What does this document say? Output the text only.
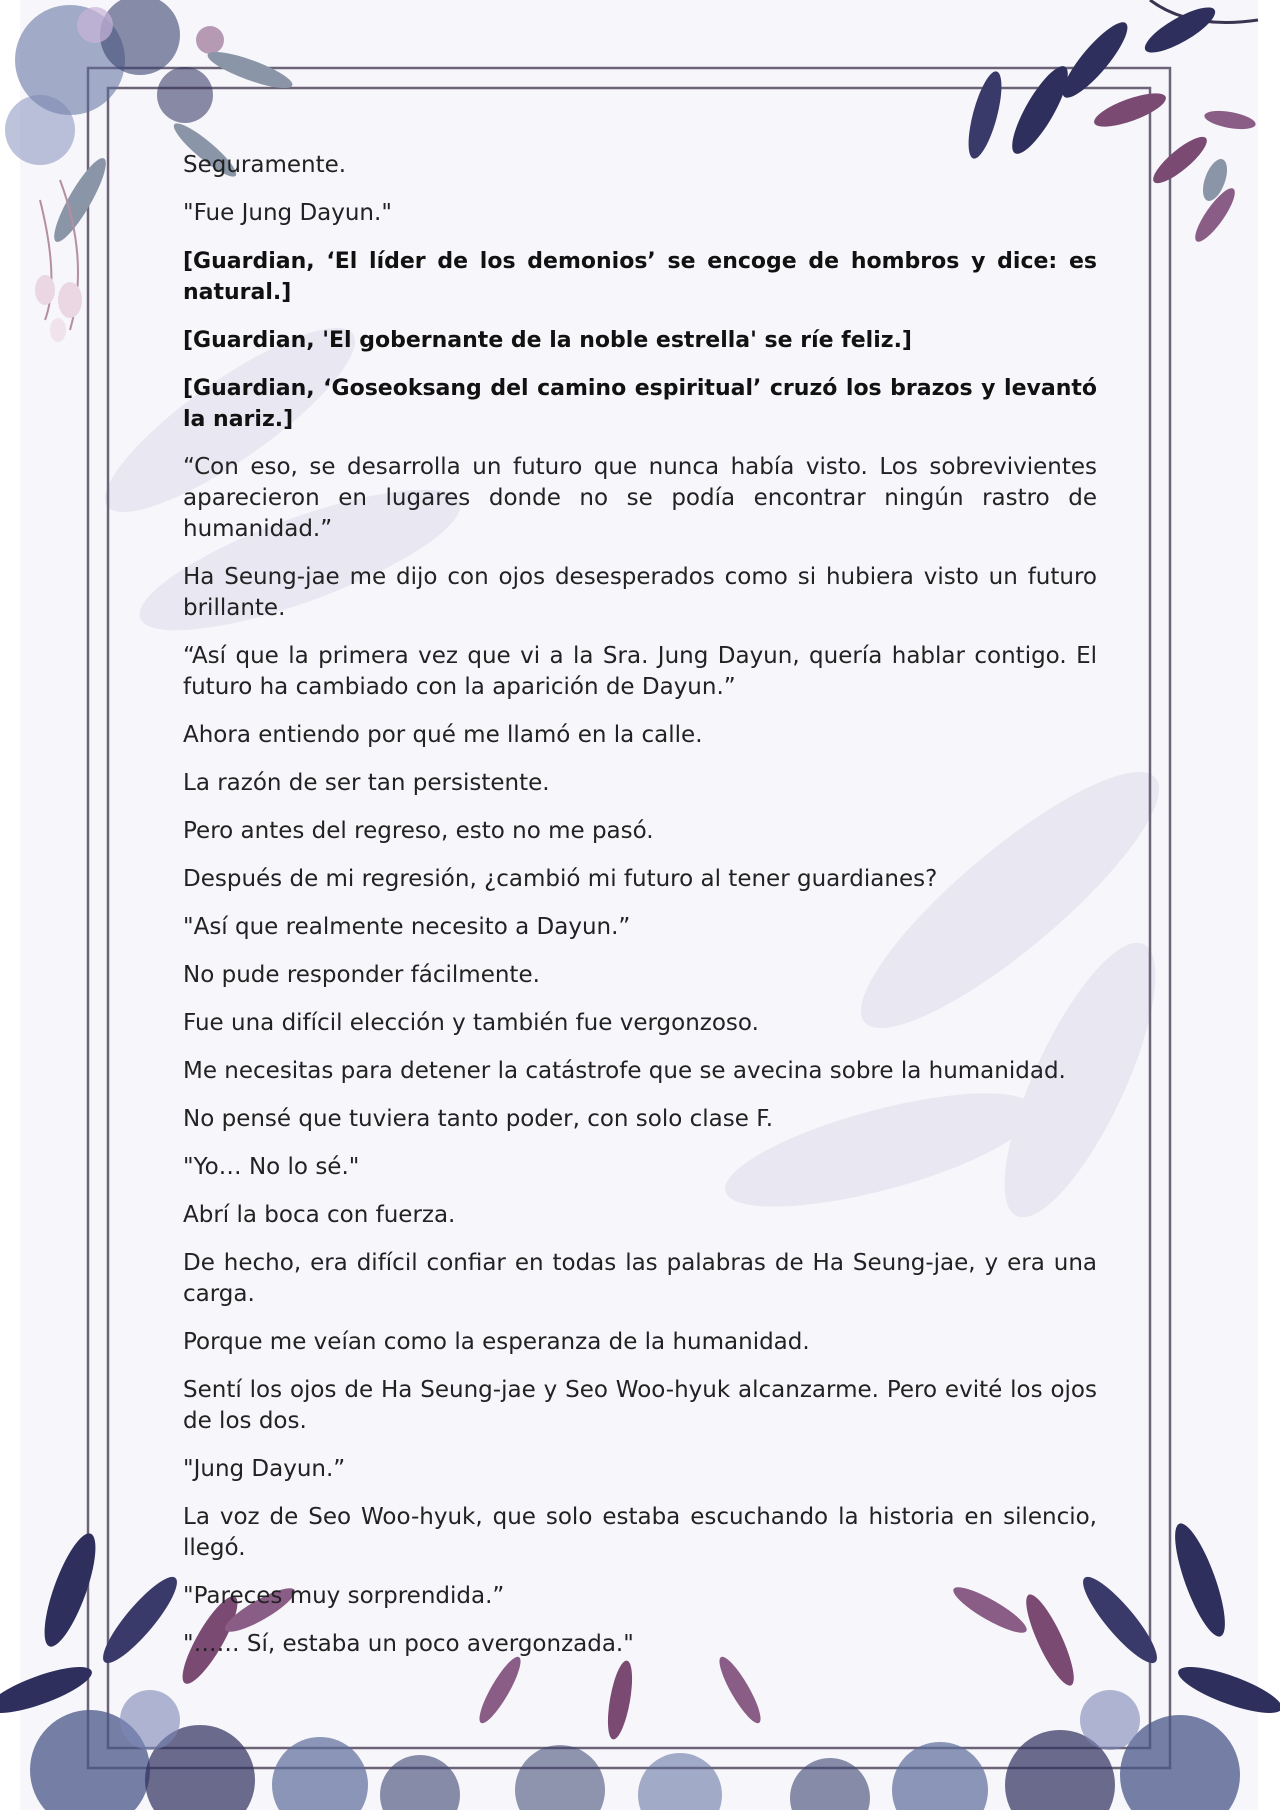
Seguramente.

"Fue Jung Dayun."

[Guardian, ‘El líder de los demonios’ se encoge de hombros y dice: es natural.]

[Guardian, 'El gobernante de la noble estrella' se ríe feliz.]

[Guardian, ‘Goseoksang del camino espiritual’ cruzó los brazos y levantó la nariz.]

“Con eso, se desarrolla un futuro que nunca había visto. Los sobrevivientes aparecieron en lugares donde no se podía encontrar ningún rastro de humanidad.”

Ha Seung-jae me dijo con ojos desesperados como si hubiera visto un futuro brillante.

“Así que la primera vez que vi a la Sra. Jung Dayun, quería hablar contigo. El futuro ha cambiado con la aparición de Dayun.”

Ahora entiendo por qué me llamó en la calle.

La razón de ser tan persistente.

Pero antes del regreso, esto no me pasó.

Después de mi regresión, ¿cambió mi futuro al tener guardianes?

"Así que realmente necesito a Dayun.”

No pude responder fácilmente.

Fue una difícil elección y también fue vergonzoso.

Me necesitas para detener la catástrofe que se avecina sobre la humanidad.

No pensé que tuviera tanto poder, con solo clase F.

"Yo… No lo sé."

Abrí la boca con fuerza.

De hecho, era difícil confiar en todas las palabras de Ha Seung-jae, y era una carga.

Porque me veían como la esperanza de la humanidad.

Sentí los ojos de Ha Seung-jae y Seo Woo-hyuk alcanzarme. Pero evité los ojos de los dos.

"Jung Dayun.”

La voz de Seo Woo-hyuk, que solo estaba escuchando la historia en silencio, llegó.

"Pareces muy sorprendida.”

"…… Sí, estaba un poco avergonzada."
